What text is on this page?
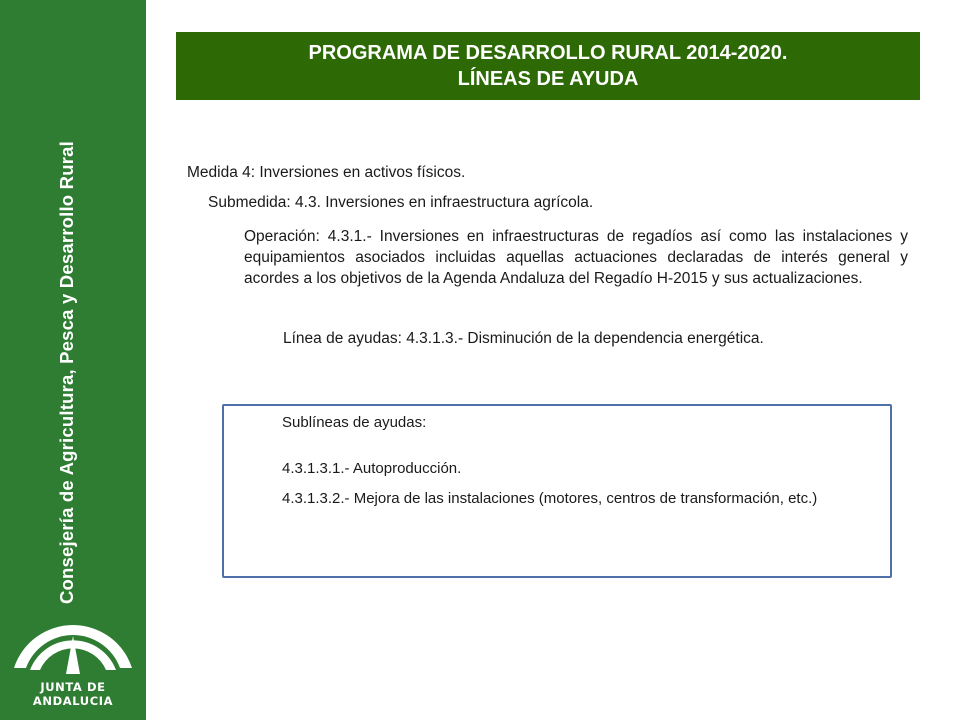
Consejería de Agricultura, Pesca y Desarrollo Rural
JUNTA DE ANDALUCIA
PROGRAMA DE DESARROLLO RURAL 2014-2020.
LÍNEAS DE AYUDA
Medida 4: Inversiones en activos físicos.
Submedida: 4.3. Inversiones en infraestructura agrícola.
Operación: 4.3.1.- Inversiones en infraestructuras de regadíos así como las instalaciones y equipamientos asociados incluidas aquellas actuaciones declaradas de interés general y acordes a los objetivos de la Agenda Andaluza del Regadío H-2015 y sus actualizaciones.
Línea de ayudas: 4.3.1.3.- Disminución de la dependencia energética.
Sublíneas de ayudas:
4.3.1.3.1.- Autoproducción.
4.3.1.3.2.- Mejora de las instalaciones (motores, centros de transformación, etc.)
